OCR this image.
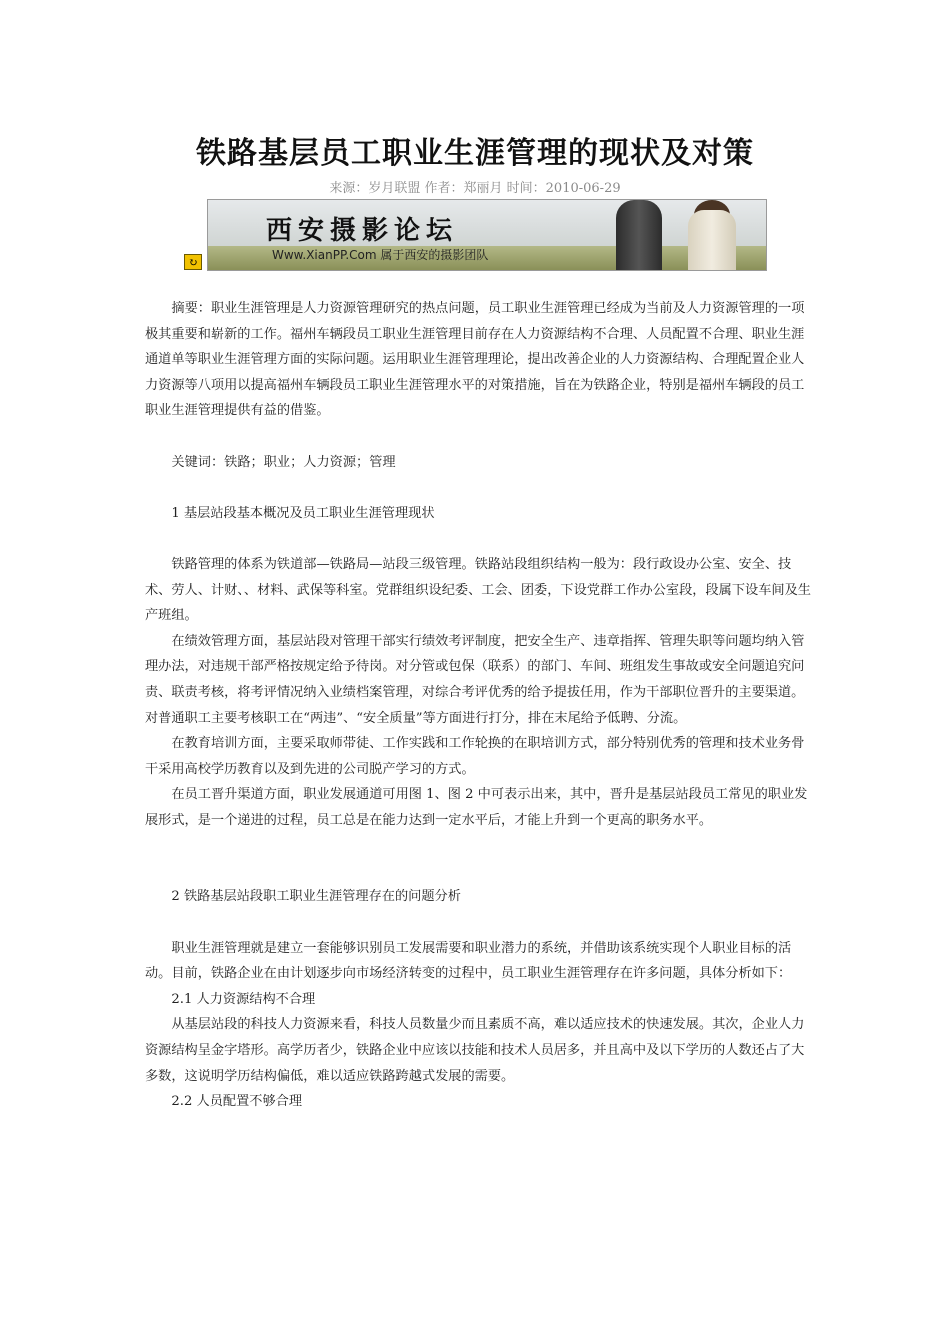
铁路基层员工职业生涯管理的现状及对策
来源：岁月联盟 作者：郑丽月 时间：2010-06-29
西安摄影论坛
Www.XianPP.Com 属于西安的摄影团队
↻

摘要：职业生涯管理是人力资源管理研究的热点问题，员工职业生涯管理已经成为当前及人力资源管理的一项极其重要和崭新的工作。福州车辆段员工职业生涯管理目前存在人力资源结构不合理、人员配置不合理、职业生涯通道单等职业生涯管理方面的实际问题。运用职业生涯管理理论，提出改善企业的人力资源结构、合理配置企业人力资源等八项用以提高福州车辆段员工职业生涯管理水平的对策措施，旨在为铁路企业，特别是福州车辆段的员工职业生涯管理提供有益的借鉴。

关键词：铁路；职业；人力资源；管理

1 基层站段基本概况及员工职业生涯管理现状

铁路管理的体系为铁道部—铁路局—站段三级管理。铁路站段组织结构一般为：段行政设办公室、安全、技术、劳人、计财、、材料、武保等科室。党群组织设纪委、工会、团委，下设党群工作办公室段，段属下设车间及生产班组。

在绩效管理方面，基层站段对管理干部实行绩效考评制度，把安全生产、违章指挥、管理失职等问题均纳入管理办法，对违规干部严格按规定给予待岗。对分管或包保（联系）的部门、车间、班组发生事故或安全问题追究问责、联责考核，将考评情况纳入业绩档案管理，对综合考评优秀的给予提拔任用，作为干部职位晋升的主要渠道。对普通职工主要考核职工在“两违”、“安全质量”等方面进行打分，排在末尾给予低聘、分流。

在教育培训方面，主要采取师带徒、工作实践和工作轮换的在职培训方式，部分特别优秀的管理和技术业务骨干采用高校学历教育以及到先进的公司脱产学习的方式。

在员工晋升渠道方面，职业发展通道可用图 1、图 2 中可表示出来，其中，晋升是基层站段员工常见的职业发展形式，是一个递进的过程，员工总是在能力达到一定水平后，才能上升到一个更高的职务水平。

2 铁路基层站段职工职业生涯管理存在的问题分析

职业生涯管理就是建立一套能够识别员工发展需要和职业潜力的系统，并借助该系统实现个人职业目标的活动。目前，铁路企业在由计划逐步向市场经济转变的过程中，员工职业生涯管理存在许多问题，具体分析如下：

2.1 人力资源结构不合理

从基层站段的科技人力资源来看，科技人员数量少而且素质不高，难以适应技术的快速发展。其次，企业人力资源结构呈金字塔形。高学历者少，铁路企业中应该以技能和技术人员居多，并且高中及以下学历的人数还占了大多数，这说明学历结构偏低，难以适应铁路跨越式发展的需要。

2.2 人员配置不够合理
